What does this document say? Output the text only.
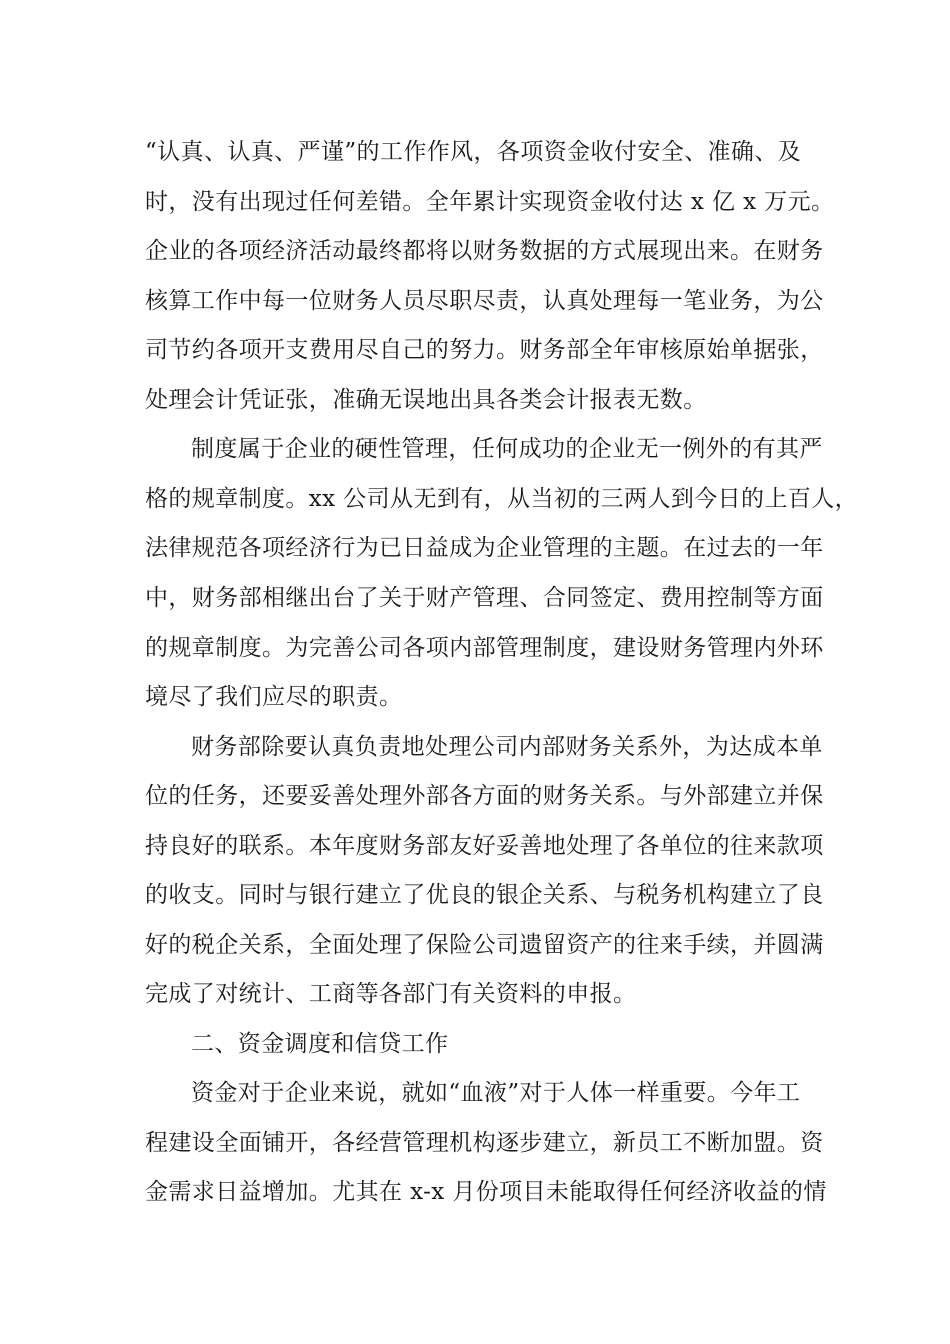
“认真、认真、严谨”的工作作风，各项资金收付安全、准确、及
时，没有出现过任何差错。全年累计实现资金收付达 x 亿 x 万元。
企业的各项经济活动最终都将以财务数据的方式展现出来。在财务
核算工作中每一位财务人员尽职尽责，认真处理每一笔业务，为公
司节约各项开支费用尽自己的努力。财务部全年审核原始单据张，
处理会计凭证张，准确无误地出具各类会计报表无数。
制度属于企业的硬性管理，任何成功的企业无一例外的有其严
格的规章制度。xx 公司从无到有，从当初的三两人到今日的上百人，
法律规范各项经济行为已日益成为企业管理的主题。在过去的一年
中，财务部相继出台了关于财产管理、合同签定、费用控制等方面
的规章制度。为完善公司各项内部管理制度，建设财务管理内外环
境尽了我们应尽的职责。
财务部除要认真负责地处理公司内部财务关系外，为达成本单
位的任务，还要妥善处理外部各方面的财务关系。与外部建立并保
持良好的联系。本年度财务部友好妥善地处理了各单位的往来款项
的收支。同时与银行建立了优良的银企关系、与税务机构建立了良
好的税企关系，全面处理了保险公司遗留资产的往来手续，并圆满
完成了对统计、工商等各部门有关资料的申报。
二、资金调度和信贷工作
资金对于企业来说，就如“血液”对于人体一样重要。今年工
程建设全面铺开，各经营管理机构逐步建立，新员工不断加盟。资
金需求日益增加。尤其在 x-x 月份项目未能取得任何经济收益的情
